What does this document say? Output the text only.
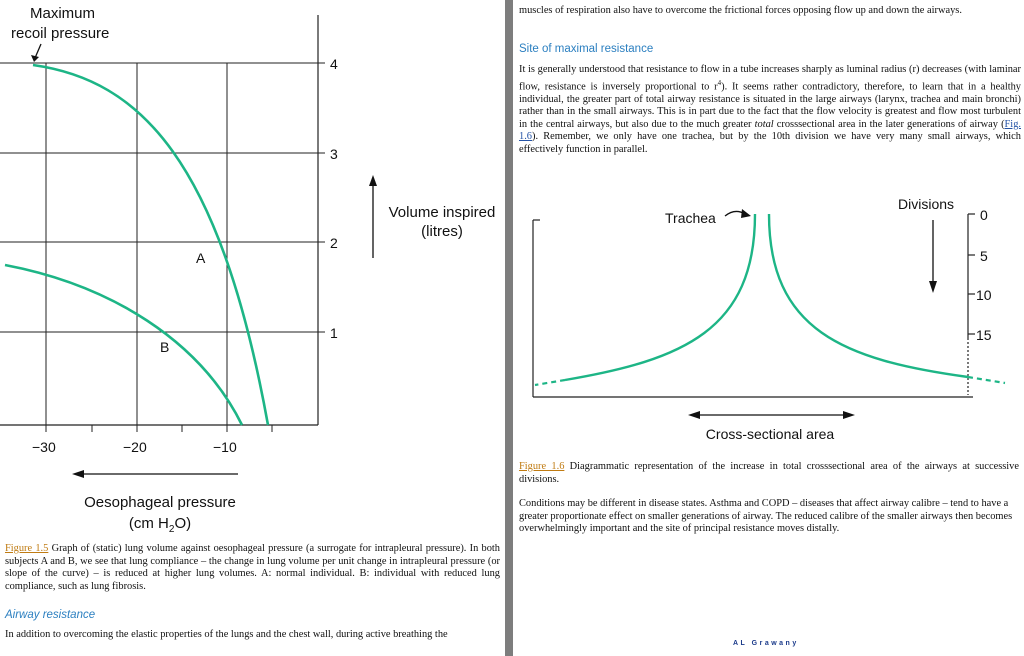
Maximum
recoil pressure
4
3
2
1
−30	−20	−10
A
B
Volume inspired
(litres)
Oesophageal pressure
(cm $H_2O$)

Figure 1.5 Graph of (static) lung volume against oesophageal pressure (a surrogate for intrapleural pressure). In both subjects A and B, we see that lung compliance – the change in lung volume per unit change in intrapleural pressure (or slope of the curve) – is reduced at higher lung volumes. A: normal individual. B: individual with reduced lung compliance, such as lung fibrosis.

Airway resistance

In addition to overcoming the elastic properties of the lungs and the chest wall, during active breathing the

muscles of respiration also have to overcome the frictional forces opposing flow up and down the airways.

Site of maximal resistance

It is generally understood that resistance to flow in a tube increases sharply as luminal radius (r) decreases (with laminar flow, resistance is inversely proportional to $r^4$). It seems rather contradictory, therefore, to learn that in a healthy individual, the greater part of total airway resistance is situated in the large airways (larynx, trachea and main bronchi) rather than in the small airways. This is in part due to the fact that the flow velocity is greatest and flow most turbulent in the central airways, but also due to the much greater total crosssectional area in the later generations of airway (Fig. 1.6). Remember, we only have one trachea, but by the 10th division we have very many small airways, which effectively function in parallel.

Trachea
Divisions
0
5
10
15
Cross-sectional area

Figure 1.6 Diagrammatic representation of the increase in total crosssectional area of the airways at successive divisions.

Conditions may be different in disease states. Asthma and COPD – diseases that affect airway calibre – tend to have a greater proportionate effect on smaller generations of airway. The reduced calibre of the smaller airways then becomes overwhelmingly important and the site of principal resistance moves distally.

AL Grawany
